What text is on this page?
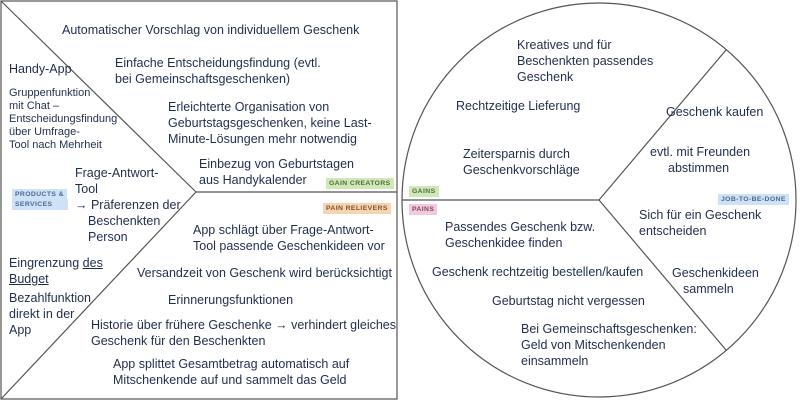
Automatischer Vorschlag von individuellem Geschenk
Einfache Entscheidungsfindung (evtl.
bei Gemeinschaftsgeschenken)
Erleichterte Organisation von
Geburtstagsgeschenken, keine Last-
Minute-Lösungen mehr notwendig
Einbezug von Geburtstagen
aus Handykalender	GAIN CREATORS
PAIN RELIEVERS
Handy-App
Gruppenfunktion
mit Chat –
Entscheidungsfindung
über Umfrage-
Tool nach Mehrheit
Frage-Antwort-
Tool
→ Präferenzen der
Beschenkten
Person
PRODUCTS &
SERVICES
Eingrenzung des
Budget
Bezahlfunktion
direkt in der
App
App schlägt über Frage-Antwort-
Tool passende Geschenkideen vor
Versandzeit von Geschenk wird berücksichtigt
Erinnerungsfunktionen
Historie über frühere Geschenke → verhindert gleiches
Geschenk für den Beschenkten
App splittet Gesamtbetrag automatisch auf
Mitschenkende auf und sammelt das Geld
Kreatives und für
Beschenkten passendes
Geschenk
Rechtzeitige Lieferung
Zeitersparnis durch
Geschenkvorschläge
GAINS
PAINS
Geschenk kaufen
evtl. mit Freunden
abstimmen
Sich für ein Geschenk
entscheiden
Geschenkideen
sammeln
JOB-TO-BE-DONE
Passendes Geschenk bzw.
Geschenkidee finden
Geschenk rechtzeitig bestellen/kaufen
Geburtstag nicht vergessen
Bei Gemeinschaftsgeschenken:
Geld von Mitschenkenden
einsammeln
